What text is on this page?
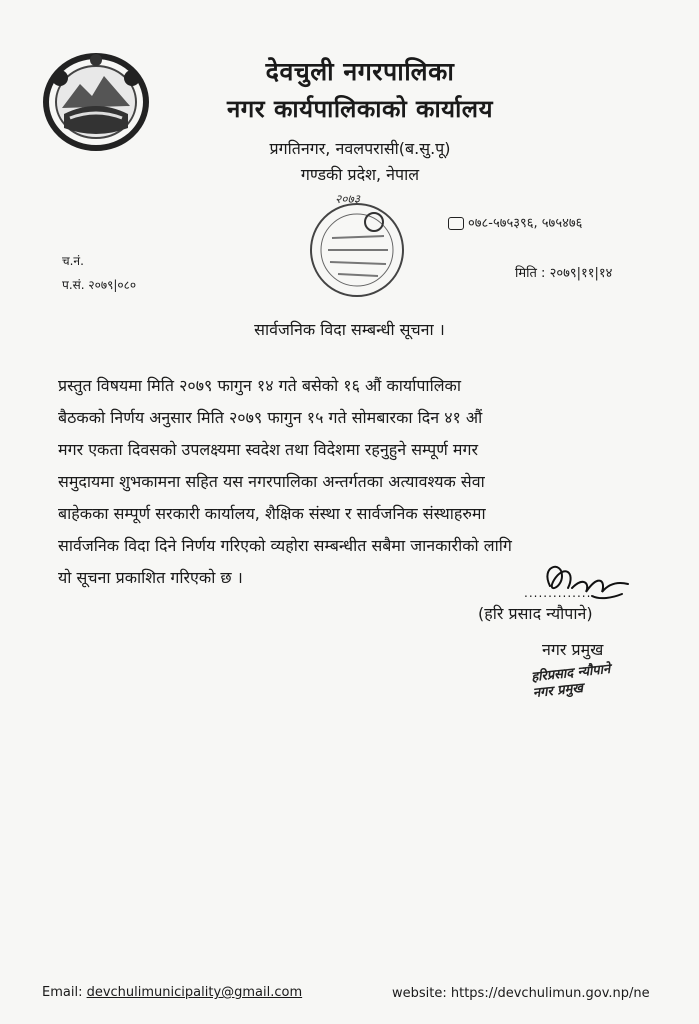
देवचुली नगरपालिका
नगर कार्यपालिकाको कार्यालय
प्रगतिनगर, नवलपरासी(ब.सु.पू)
गण्डकी प्रदेश, नेपाल
२०७३
०७८-५७५३९६, ५७५४७६
च.नं.
प.सं. २०७९|०८०
मिति : २०७९|११|१४
सार्वजनिक विदा सम्बन्धी सूचना ।
प्रस्तुत विषयमा मिति २०७९ फागुन १४ गते बसेको १६ औं कार्यापालिका
बैठकको निर्णय अनुसार मिति २०७९ फागुन १५ गते सोमबारका दिन ४१ औं
मगर एकता दिवसको उपलक्ष्यमा स्वदेश तथा विदेशमा रहनुहुने सम्पूर्ण मगर
समुदायमा शुभकामना सहित यस नगरपालिका अन्तर्गतका अत्यावश्यक सेवा
बाहेकका सम्पूर्ण सरकारी कार्यालय, शैक्षिक संस्था र सार्वजनिक संस्थाहरुमा
सार्वजनिक विदा दिने निर्णय गरिएको व्यहोरा सम्बन्धीत सबैमा जानकारीको लागि
यो सूचना प्रकाशित गरिएको छ ।
...............
(हरि प्रसाद न्यौपाने)
नगर प्रमुख
हरिप्रसाद न्यौपाने
नगर प्रमुख
Email: devchulimunicipality@gmail.com	website: https://devchulimun.gov.np/ne
